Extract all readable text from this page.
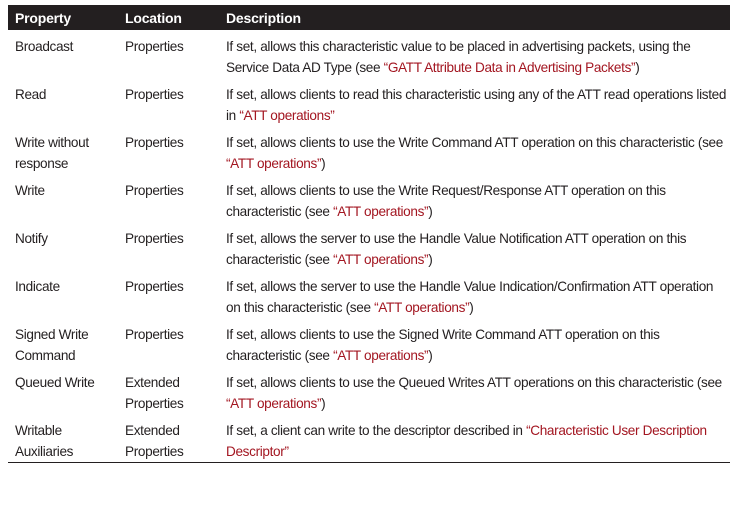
Property	Location	Description
Broadcast	Properties	If set, allows this characteristic value to be placed in advertising packets, using the Service Data AD Type (see “GATT Attribute Data in Advertising Packets”)
Read	Properties	If set, allows clients to read this characteristic using any of the ATT read operations listed in “ATT operations”
Write without response	Properties	If set, allows clients to use the Write Command ATT operation on this characteristic (see “ATT operations”)
Write	Properties	If set, allows clients to use the Write Request/Response ATT operation on this characteristic (see “ATT operations”)
Notify	Properties	If set, allows the server to use the Handle Value Notification ATT operation on this characteristic (see “ATT operations”)
Indicate	Properties	If set, allows the server to use the Handle Value Indication/Confirmation ATT operation on this characteristic (see “ATT operations”)
Signed Write Command	Properties	If set, allows clients to use the Signed Write Command ATT operation on this characteristic (see “ATT operations”)
Queued Write	Extended Properties	If set, allows clients to use the Queued Writes ATT operations on this characteristic (see “ATT operations”)
Writable Auxiliaries	Extended Properties	If set, a client can write to the descriptor described in “Characteristic User Description Descriptor”
